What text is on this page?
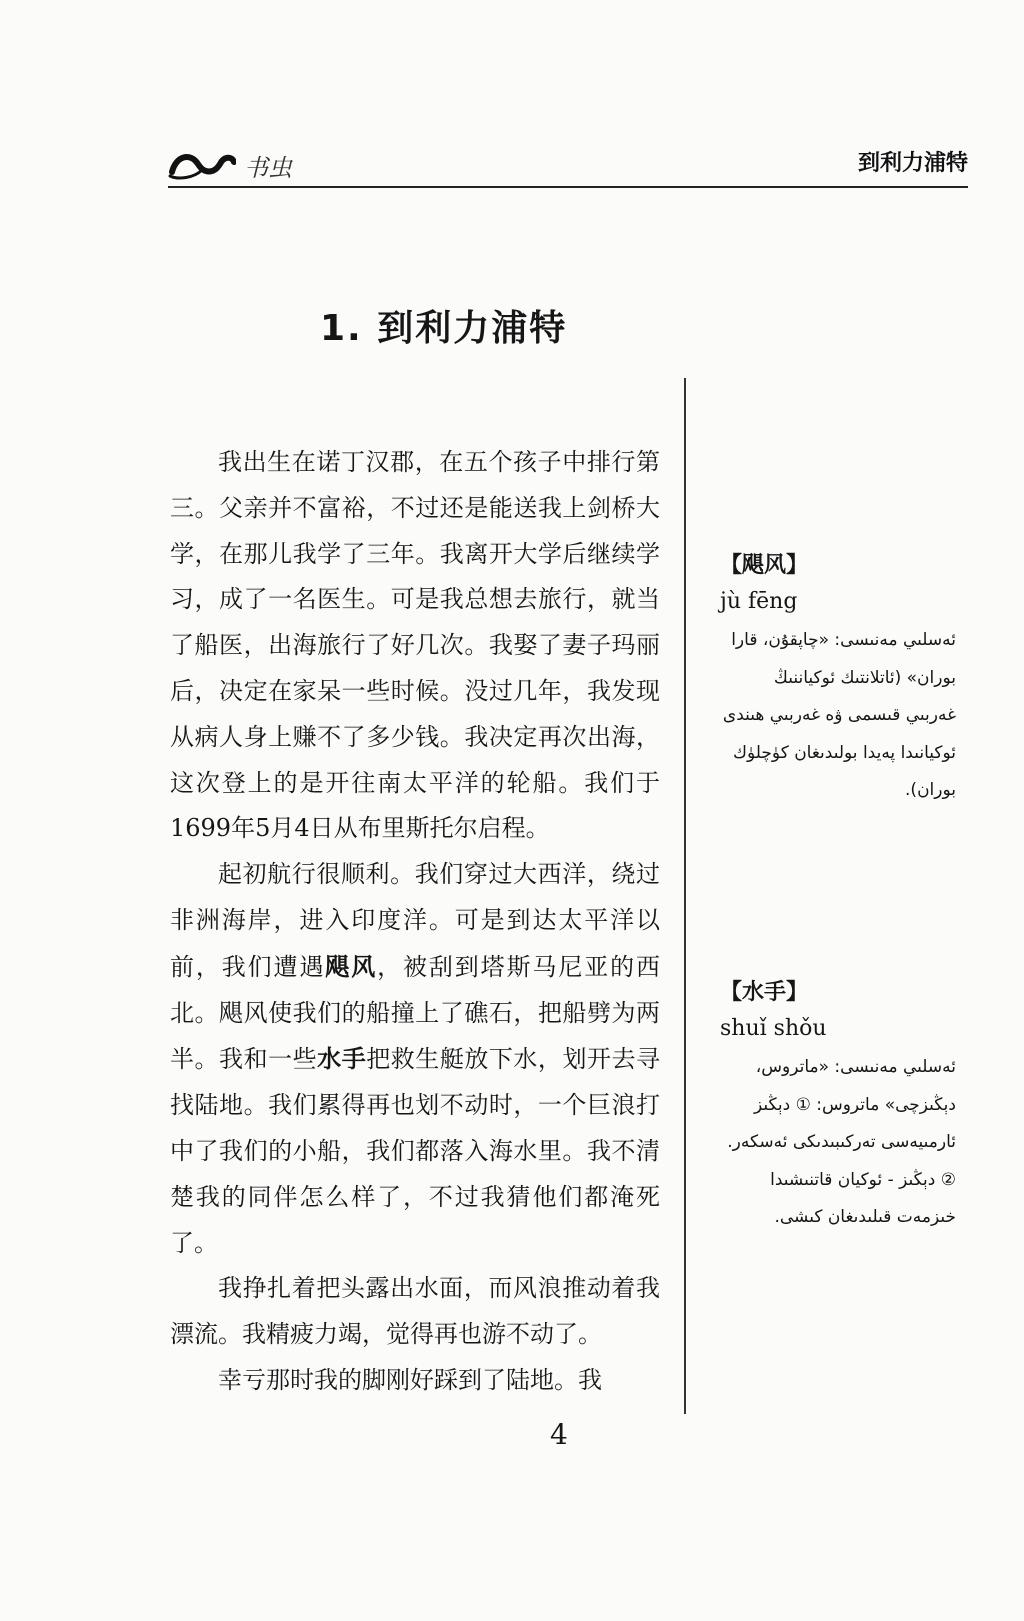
书虫	到利力浦特
1. 到利力浦特

我出生在诺丁汉郡，在五个孩子中排行第三。父亲并不富裕，不过还是能送我上剑桥大学，在那儿我学了三年。我离开大学后继续学习，成了一名医生。可是我总想去旅行，就当了船医，出海旅行了好几次。我娶了妻子玛丽后，决定在家呆一些时候。没过几年，我发现从病人身上赚不了多少钱。我决定再次出海，这次登上的是开往南太平洋的轮船。我们于1699年5月4日从布里斯托尔启程。

起初航行很顺利。我们穿过大西洋，绕过非洲海岸，进入印度洋。可是到达太平洋以前，我们遭遇飓风，被刮到塔斯马尼亚的西北。飓风使我们的船撞上了礁石，把船劈为两半。我和一些水手把救生艇放下水，划开去寻找陆地。我们累得再也划不动时，一个巨浪打中了我们的小船，我们都落入海水里。我不清楚我的同伴怎么样了，不过我猜他们都淹死了。

我挣扎着把头露出水面，而风浪推动着我漂流。我精疲力竭，觉得再也游不动了。

幸亏那时我的脚刚好踩到了陆地。我

【飓风】
jù fēng
ئەسلىي مەنىسى: «چاپقۇن، قارا بوران» (ئاتلانتىك ئوكياننىڭ غەربىي قىسمى ۋە غەربىي ھىندى ئوكيانىدا پەيدا بولىدىغان كۈچلۈك بوران).
【水手】
shuǐ shǒu
ئەسلىي مەنىسى: «ماتروس، دېڭىزچى» ماتروس: ① دېڭىز ئارمىيەسى تەركىبىدىكى ئەسكەر. ② دېڭىز - ئوكيان قاتنىشىدا خىزمەت قىلىدىغان كىشى.
4
